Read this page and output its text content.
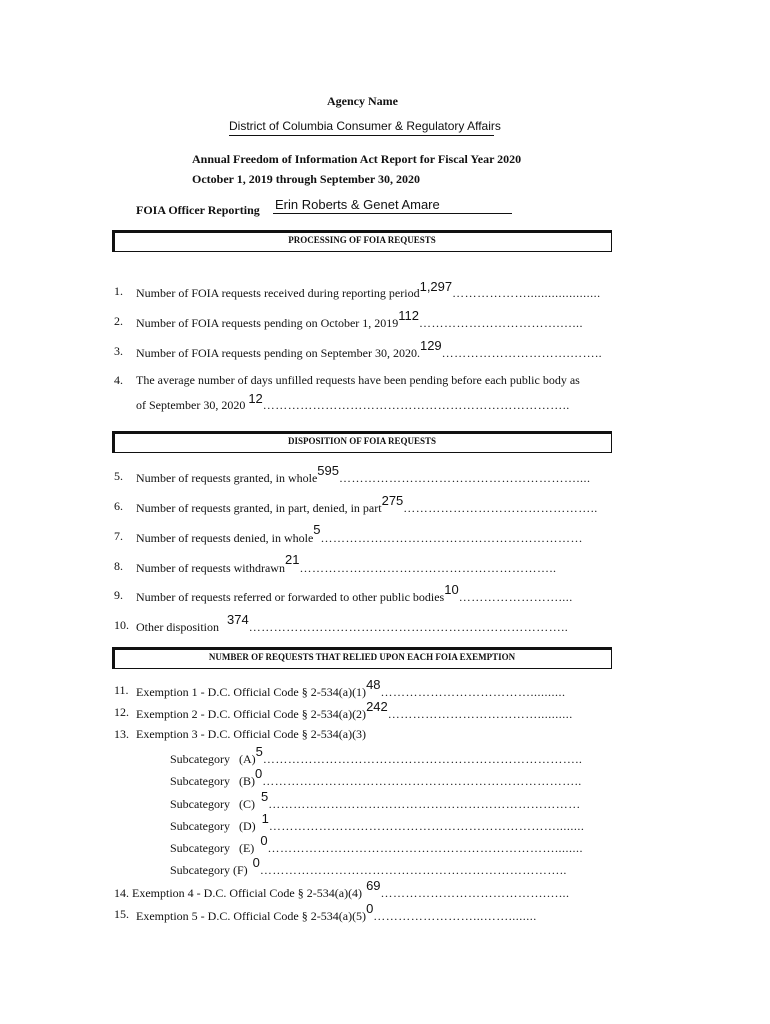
Agency Name
District of Columbia Consumer & Regulatory Affairs
Annual Freedom of Information Act Report for Fiscal Year 2020
October 1, 2019 through September 30, 2020
FOIA Officer Reporting Erin Roberts & Genet Amare
PROCESSING OF FOIA REQUESTS
1. $_{Number of FOIA requests received during reporting period}1,297_{\dots\dots\dots\dots\dots\dots.....................}$
2. $_{Number of FOIA requests pending on October 1, 2019}112_{\dots\dots\dots\dots\dots\dots\dots\dots\dots\dots\dots.\dots...}$
3. $_{Number of FOIA requests pending on September 30, 2020.}129_{\dots\dots\dots\dots\dots\dots\dots\dots\dots\dots.\dots\dots..}$
4. The average number of days unfilled requests have been pending before each public body as
$_{of September 30, 2020}$ $12_{\dots\dots\dots\dots\dots\dots\dots\dots\dots\dots\dots\dots\dots\dots\dots\dots\dots\dots\dots\dots\dots\dots\dots\dots..}$
DISPOSITION OF FOIA REQUESTS
5. $_{Number of requests granted, in whole}595_{\dots\dots\dots\dots\dots\dots\dots\dots\dots\dots\dots\dots\dots\dots\dots\dots\dots\dots\dots....}$
6. $_{Number of requests granted, in part, denied, in part}275_{\dots\dots\dots\dots\dots\dots\dots\dots\dots\dots\dots\dots\dots\dots\dots..}$
7. $_{Number of requests denied, in whole}5_{\dots\dots\dots\dots\dots\dots\dots\dots\dots\dots\dots\dots\dots\dots\dots\dots\dots\dots\dots\dots\dots}$
8. $_{Number of requests withdrawn}21_{\dots\dots\dots\dots\dots\dots\dots\dots\dots\dots\dots\dots\dots\dots\dots\dots\dots\dots\dots\dots..}$
9. $_{Number of requests referred or forwarded to other public bodies}10_{\dots\dots\dots\dots\dots\dots\dots\dots....}$
10. $_{Other disposition}$ $374_{\dots\dots\dots\dots\dots\dots\dots\dots\dots\dots\dots\dots\dots\dots\dots\dots\dots\dots\dots\dots\dots\dots\dots\dots\dots..}$
NUMBER OF REQUESTS THAT RELIED UPON EACH FOIA EXEMPTION
11. $_{Exemption 1 - D.C. Official Code \S 2-534(a)(1)}48_{\dots\dots\dots\dots\dots\dots\dots\dots\dots\dots\dots\dots..........}$
12. $_{Exemption 2 - D.C. Official Code \S 2-534(a)(2)}242_{\dots\dots\dots\dots\dots\dots\dots\dots\dots\dots\dots\dots..........}$
13. Exemption 3 - D.C. Official Code § 2-534(a)(3)
$_{Subcategory (A)}5_{\dots\dots\dots\dots\dots\dots\dots\dots\dots\dots\dots\dots\dots\dots\dots\dots\dots\dots\dots\dots\dots\dots\dots\dots\dots..}$
$_{Subcategory (B)}0_{\dots\dots\dots\dots\dots\dots\dots\dots\dots\dots\dots\dots\dots\dots\dots\dots\dots\dots\dots\dots\dots\dots\dots\dots\dots..}$
$_{Subcategory (C)}$ $5_{\dots\dots\dots\dots\dots\dots\dots\dots\dots\dots\dots\dots\dots\dots\dots\dots\dots\dots\dots\dots\dots\dots\dots\dots\dots}$
$_{Subcategory (D)}$ $1_{\dots\dots\dots\dots\dots\dots\dots\dots\dots\dots\dots\dots\dots\dots\dots\dots\dots\dots\dots\dots\dots\dots\dots........}$
$_{Subcategory (E)}$ $0_{\dots\dots\dots\dots\dots\dots\dots\dots\dots\dots\dots\dots\dots\dots\dots\dots\dots\dots\dots\dots\dots\dots\dots........}$
$_{Subcategory (F)}$ $0_{\dots\dots\dots\dots\dots\dots\dots\dots\dots\dots\dots\dots\dots\dots\dots\dots\dots\dots\dots\dots\dots\dots\dots\dots..}$
$_{14. Exemption 4 - D.C. Official Code \S 2-534(a)(4)}$ $69_{\dots\dots\dots\dots\dots\dots\dots\dots\dots\dots\dots\dots\dots.\dots...}$
15. $_{Exemption 5 - D.C. Official Code \S 2-534(a)(5)}0_{\dots\dots\dots\dots\dots\dots\dots\dots...\dots\dots........}$
